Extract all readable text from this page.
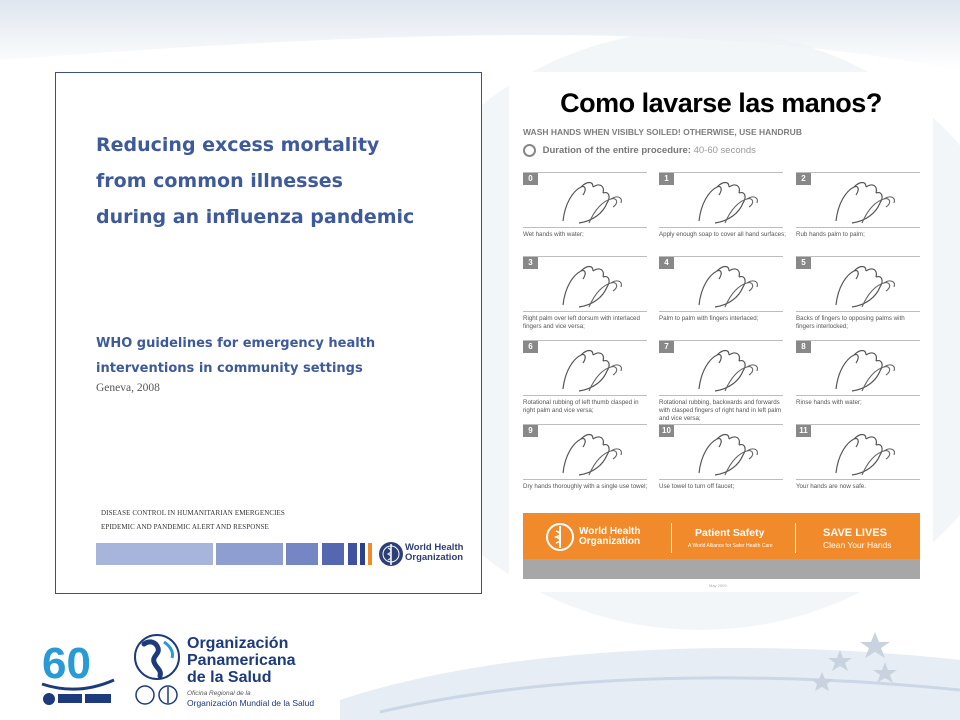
Reducing excess mortality
from common illnesses
during an influenza pandemic
WHO guidelines for emergency health
interventions in community settings
Geneva, 2008
DISEASE CONTROL IN HUMANITARIAN EMERGENCIES
EPIDEMIC AND PANDEMIC ALERT AND RESPONSE
World Health
Organization
Como lavarse las manos?
WASH HANDS WHEN VISIBLY SOILED! OTHERWISE, USE HANDRUB
Duration of the entire procedure: 40-60 seconds
0
Wet hands with water;
1
Apply enough soap to cover all hand surfaces;
2
Rub hands palm to palm;
3
Right palm over left dorsum with interlaced fingers and vice versa;
4
Palm to palm with fingers interlaced;
5
Backs of fingers to opposing palms with fingers interlocked;
6
Rotational rubbing of left thumb clasped in right palm and vice versa;
7
Rotational rubbing, backwards and forwards with clasped fingers of right hand in left palm and vice versa;
8
Rinse hands with water;
9
Dry hands thoroughly with a single use towel;
10
Use towel to turn off faucet;
11
Your hands are now safe.
World Health
Organization
Patient Safety
A World Alliance for Safer Health Care
SAVE LIVES
Clean Your Hands
May 2009
60	Organización
Panamericana
de la Salud
Oficina Regional de la
Organización Mundial de la Salud
